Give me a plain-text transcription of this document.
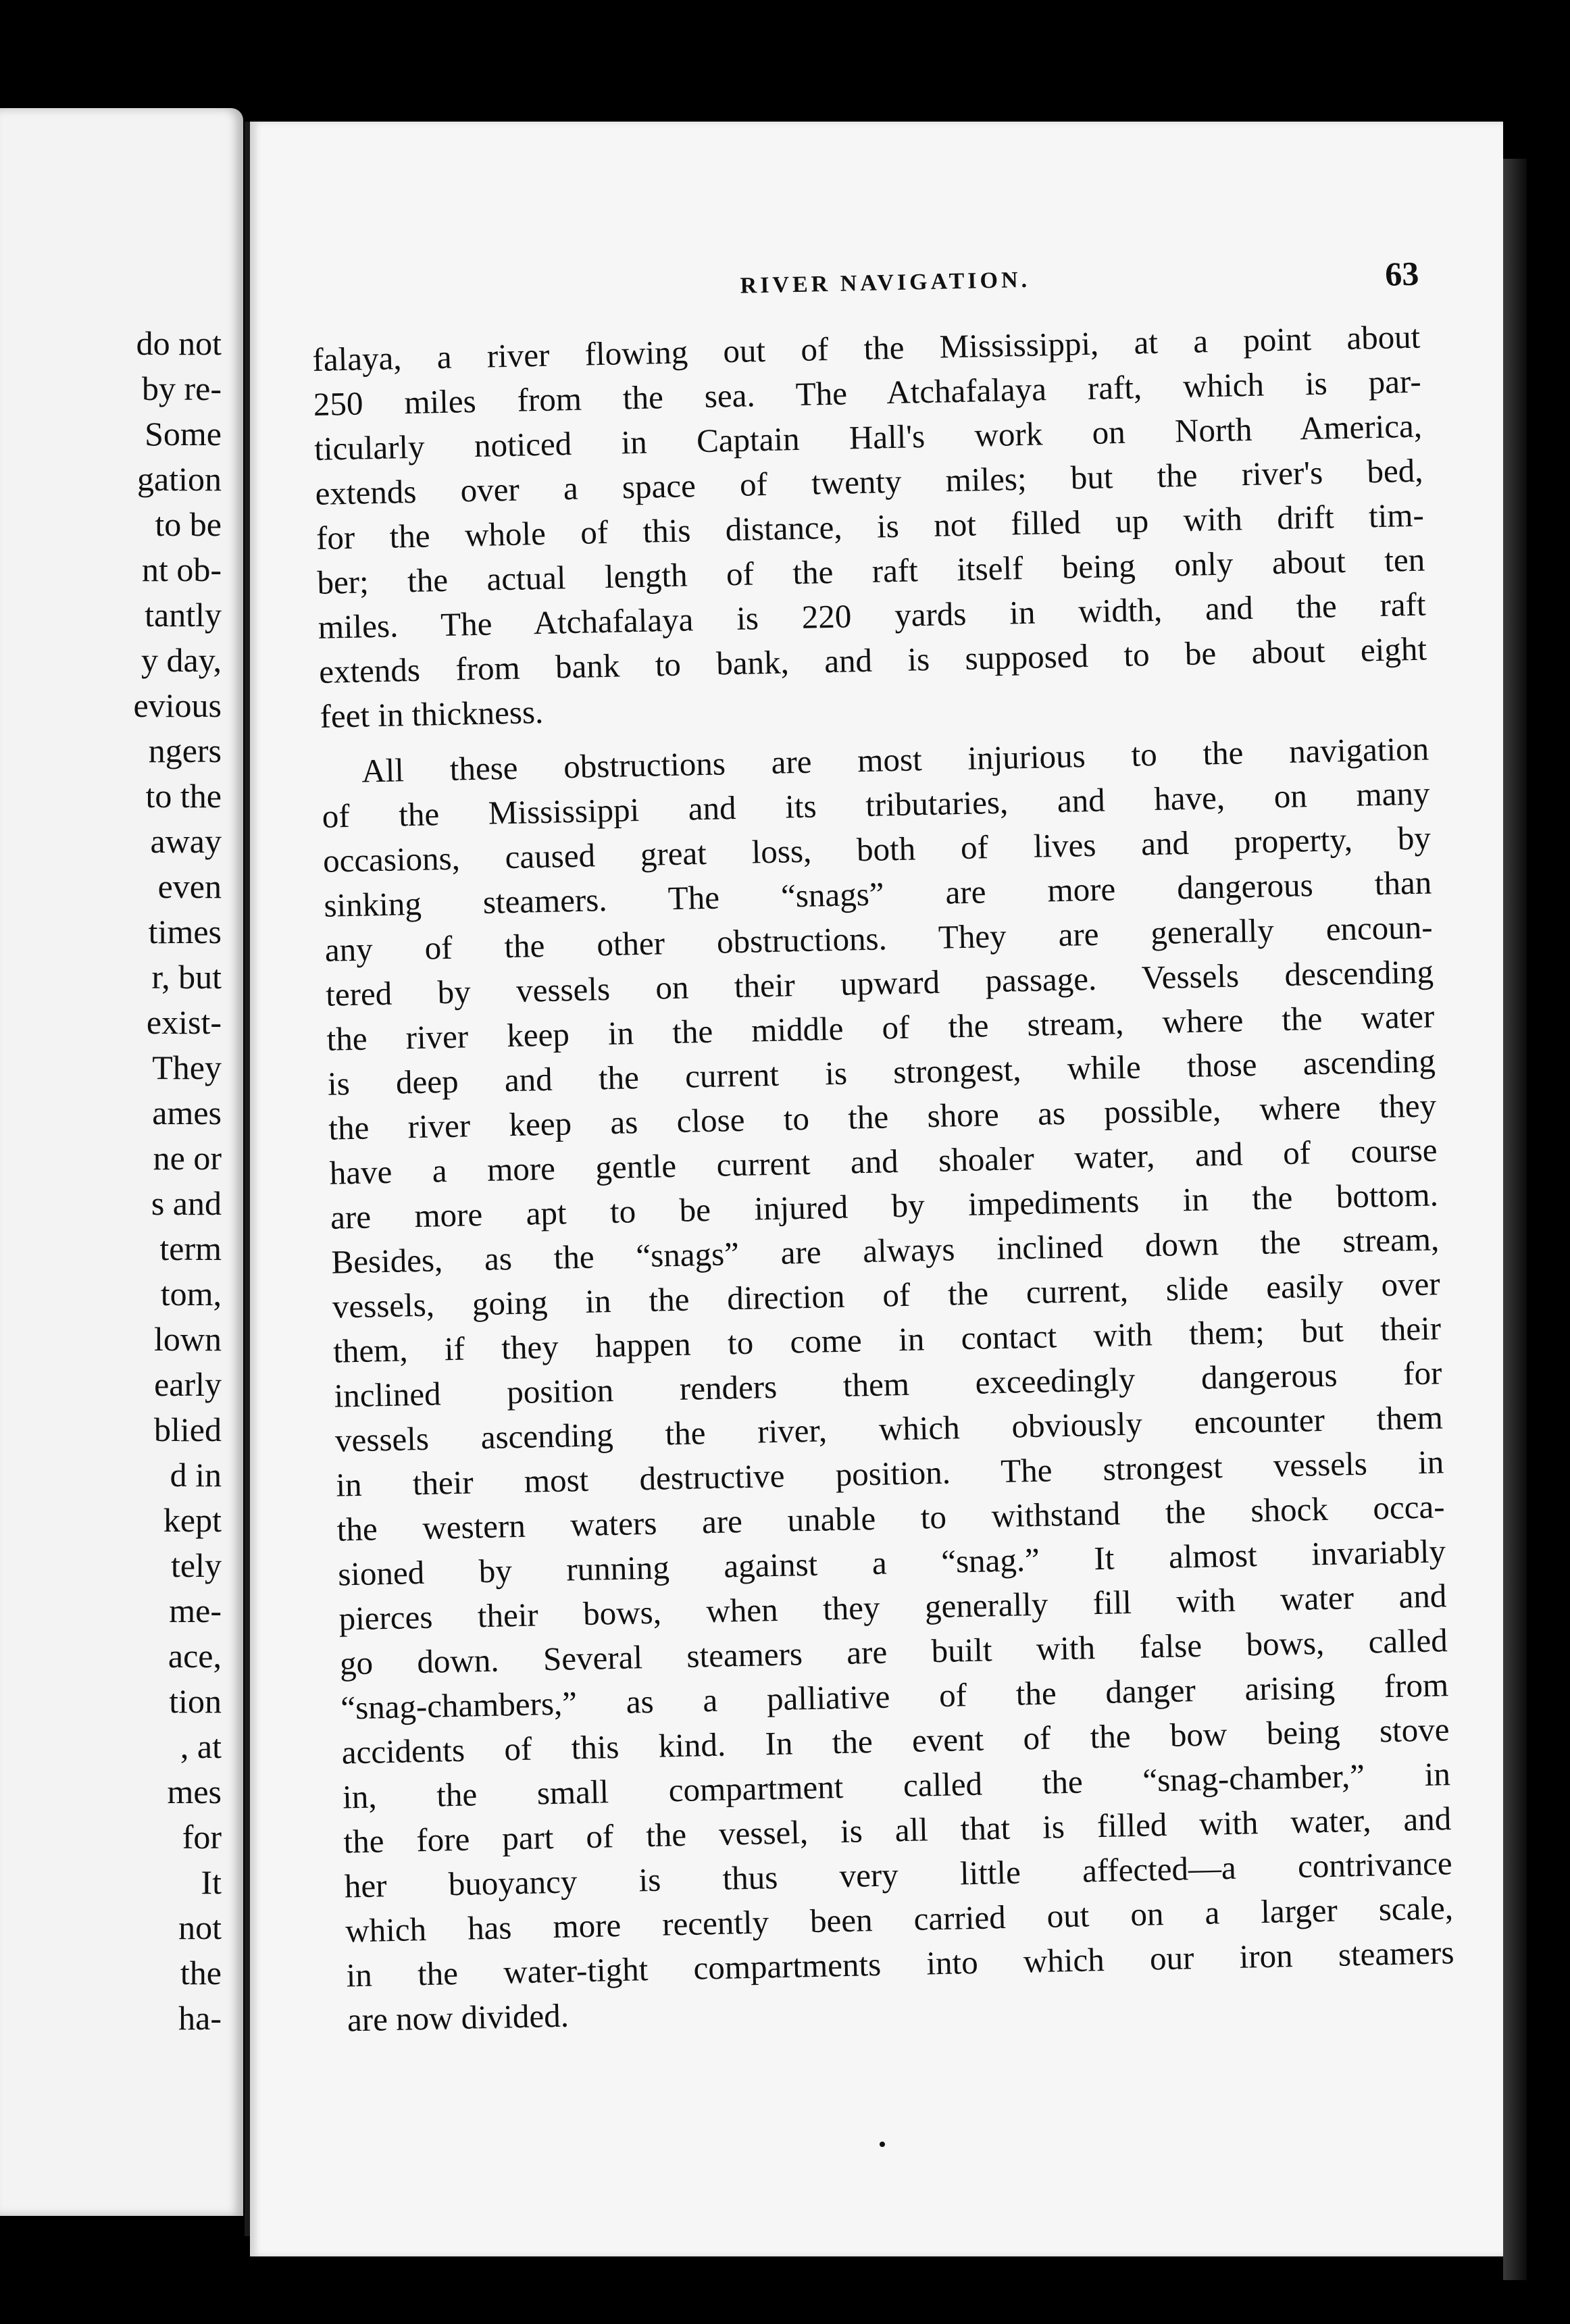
do not
by re-
Some
gation
to be
nt ob-
tantly
y day,
evious
ngers
to the
away
even
times
r, but
exist-
They
ames
ne or
s and
term
tom,
lown
early
blied
d in
kept
tely
me-
ace,
tion
, at
mes
for
It
not
the
ha-
RIVER NAVIGATION.	63
falaya, a river flowing out of the Mississippi, at a point about
250 miles from the sea. The Atchafalaya raft, which is par-
ticularly noticed in Captain Hall's work on North America,
extends over a space of twenty miles; but the river's bed,
for the whole of this distance, is not filled up with drift tim-
ber; the actual length of the raft itself being only about ten
miles. The Atchafalaya is 220 yards in width, and the raft
extends from bank to bank, and is supposed to be about eight
feet in thickness.
All these obstructions are most injurious to the navigation
of the Mississippi and its tributaries, and have, on many
occasions, caused great loss, both of lives and property, by
sinking steamers. The “snags” are more dangerous than
any of the other obstructions. They are generally encoun-
tered by vessels on their upward passage. Vessels descending
the river keep in the middle of the stream, where the water
is deep and the current is strongest, while those ascending
the river keep as close to the shore as possible, where they
have a more gentle current and shoaler water, and of course
are more apt to be injured by impediments in the bottom.
Besides, as the “snags” are always inclined down the stream,
vessels, going in the direction of the current, slide easily over
them, if they happen to come in contact with them; but their
inclined position renders them exceedingly dangerous for
vessels ascending the river, which obviously encounter them
in their most destructive position. The strongest vessels in
the western waters are unable to withstand the shock occa-
sioned by running against a “snag.” It almost invariably
pierces their bows, when they generally fill with water and
go down. Several steamers are built with false bows, called
“snag-chambers,” as a palliative of the danger arising from
accidents of this kind. In the event of the bow being stove
in, the small compartment called the “snag-chamber,” in
the fore part of the vessel, is all that is filled with water, and
her buoyancy is thus very little affected—a contrivance
which has more recently been carried out on a larger scale,
in the water-tight compartments into which our iron steamers
are now divided.
